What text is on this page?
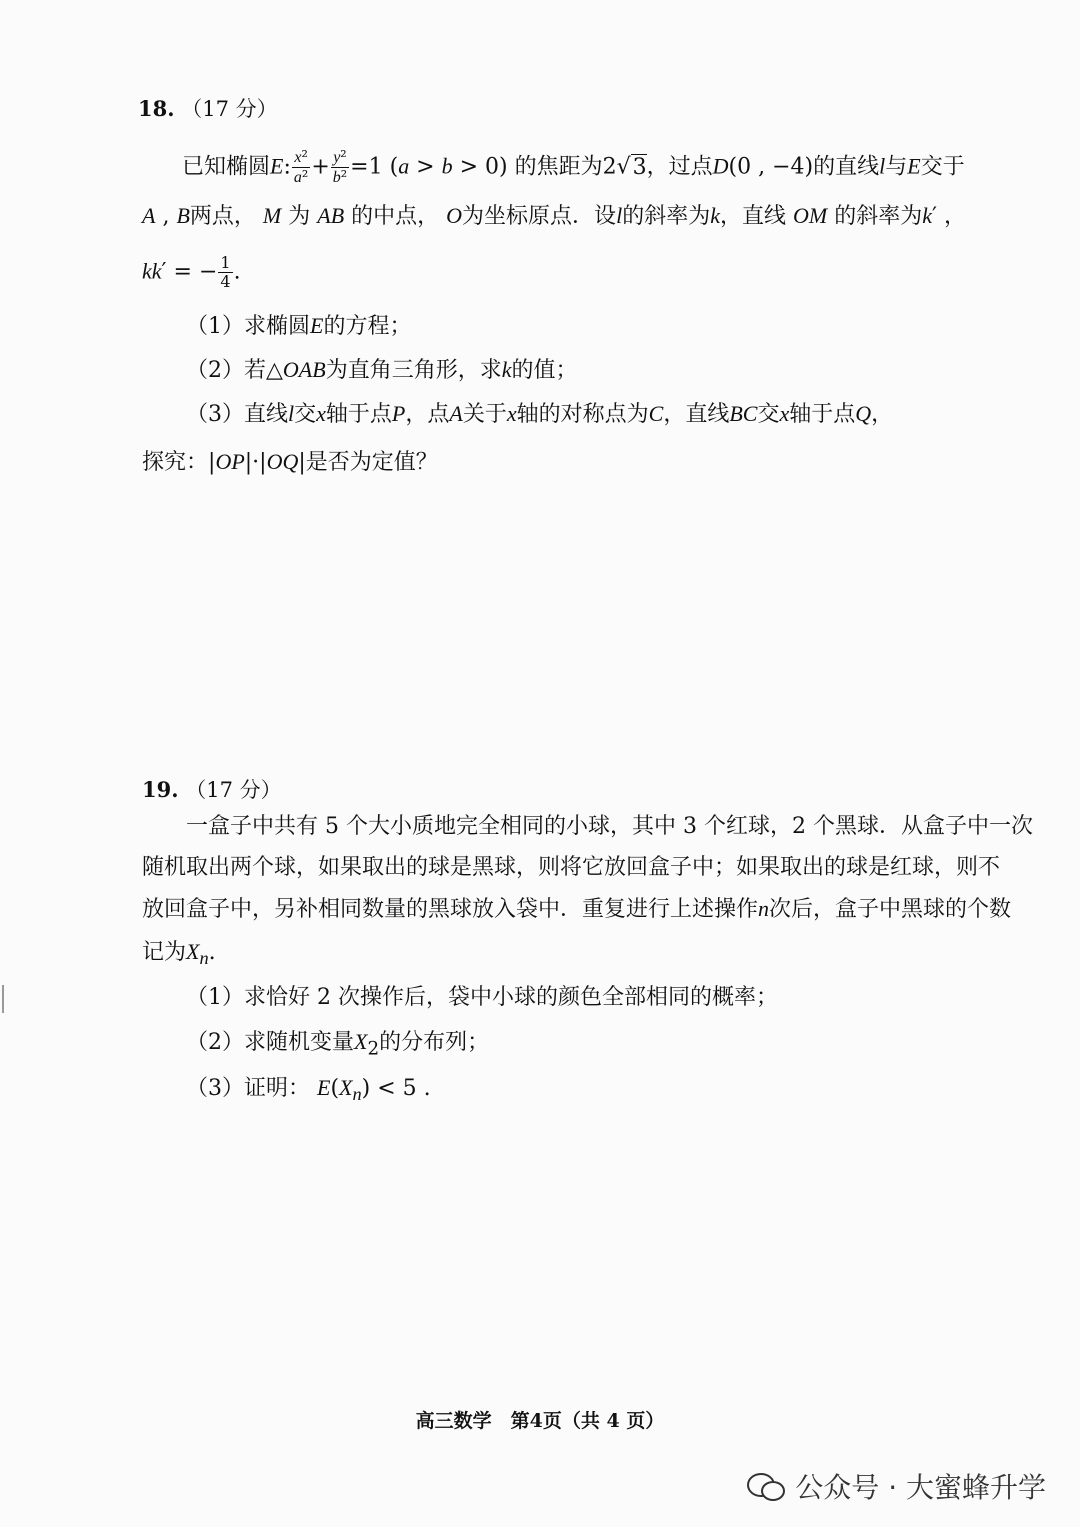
18. （17 分）
已知椭圆E: $\frac{\text{x²}}{\text{a²}} + \frac{\text{y²}}{\text{b²}} =1$ (a > b > 0) 的焦距为2√3，过点D(0 , −4)的直线l与E交于
A , B两点， M 为 AB 的中点， O为坐标原点．设l的斜率为k，直线 OM 的斜率为k′ ，
kk′ = − $\frac{1}{4}$ .
（1）求椭圆E的方程；
（2）若△OAB为直角三角形，求k的值；
（3）直线l交x轴于点P，点A关于x轴的对称点为C，直线BC交x轴于点Q，
探究：|OP|·|OQ|是否为定值？
19. （17 分）
一盒子中共有 5 个大小质地完全相同的小球，其中 3 个红球，2 个黑球．从盒子中一次
随机取出两个球，如果取出的球是黑球，则将它放回盒子中；如果取出的球是红球，则不
放回盒子中，另补相同数量的黑球放入袋中．重复进行上述操作n次后，盒子中黑球的个数
记为$X_n$.
（1）求恰好 2 次操作后，袋中小球的颜色全部相同的概率；
（2）求随机变量$X_2$的分布列；
（3）证明： $E(X_n) < 5$ .
高三数学　第4页（共 4 页）
公众号 · 大蜜蜂升学
